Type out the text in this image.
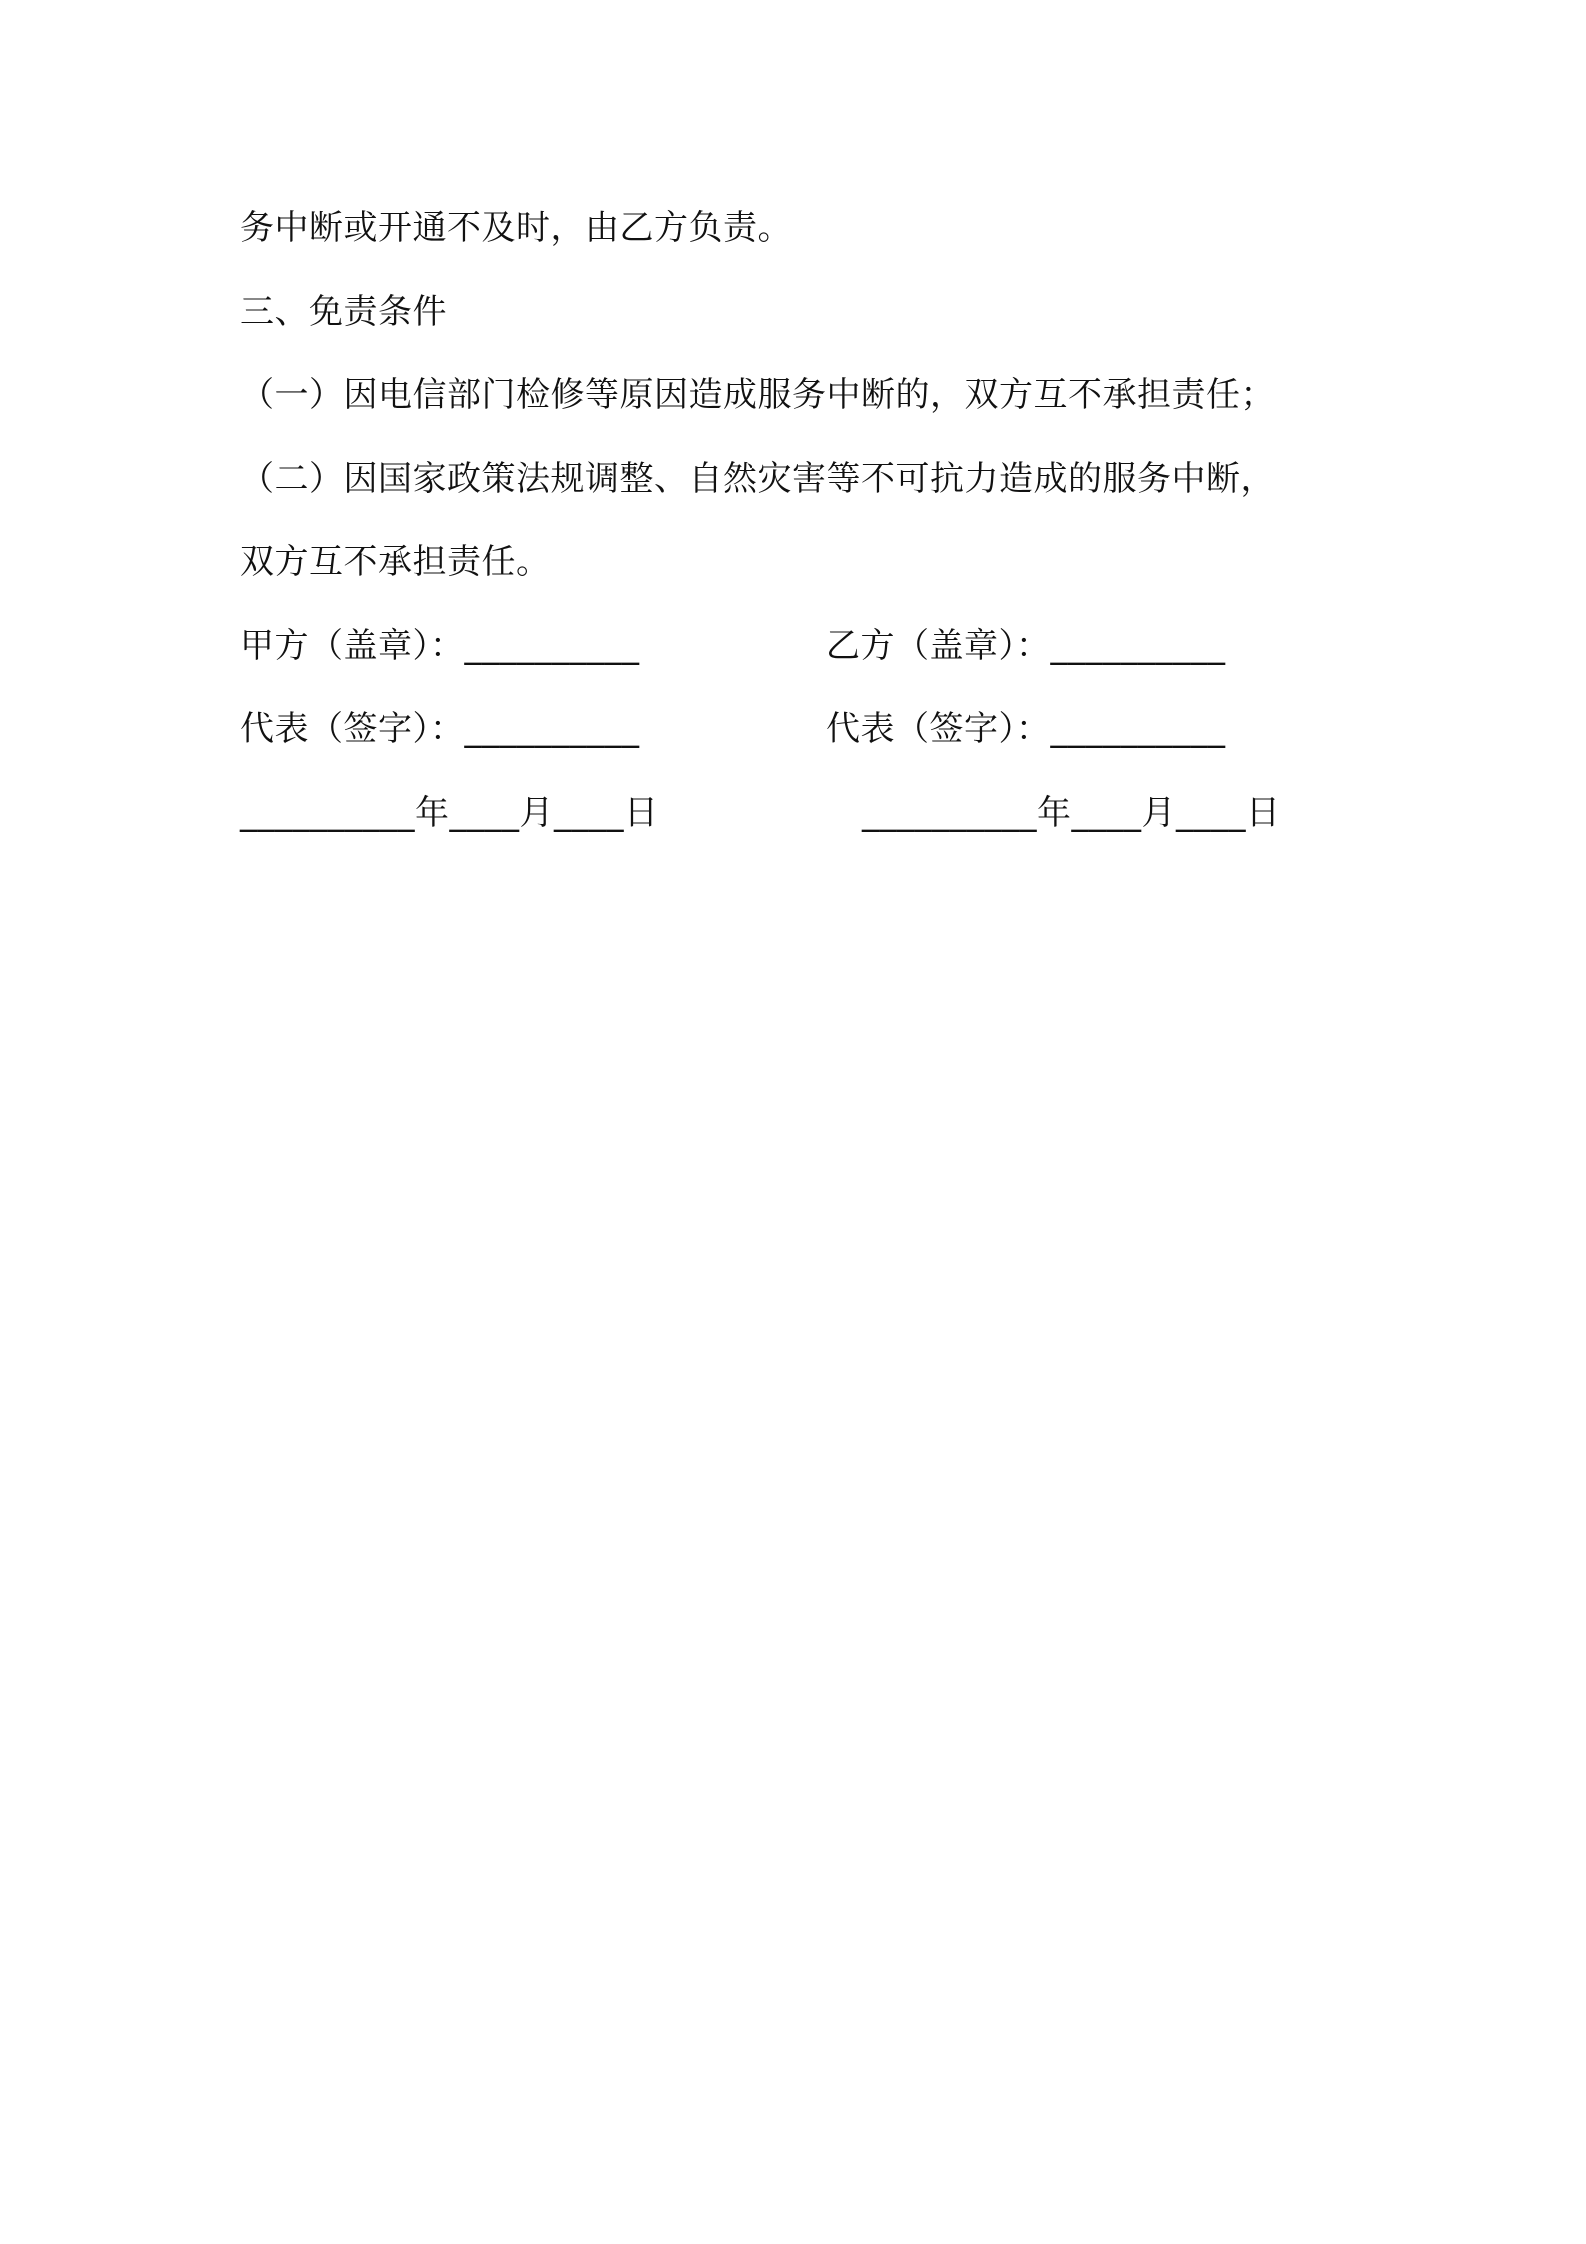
务中断或开通不及时，由乙方负责。
三、免责条件
（一）因电信部门检修等原因造成服务中断的，双方互不承担责任；
（二）因国家政策法规调整、自然灾害等不可抗力造成的服务中断，
双方互不承担责任。
甲方（盖章）：__________	乙方（盖章）：__________
代表（签字）：__________	代表（签字）：__________
__________年____月____日	__________年____月____日
